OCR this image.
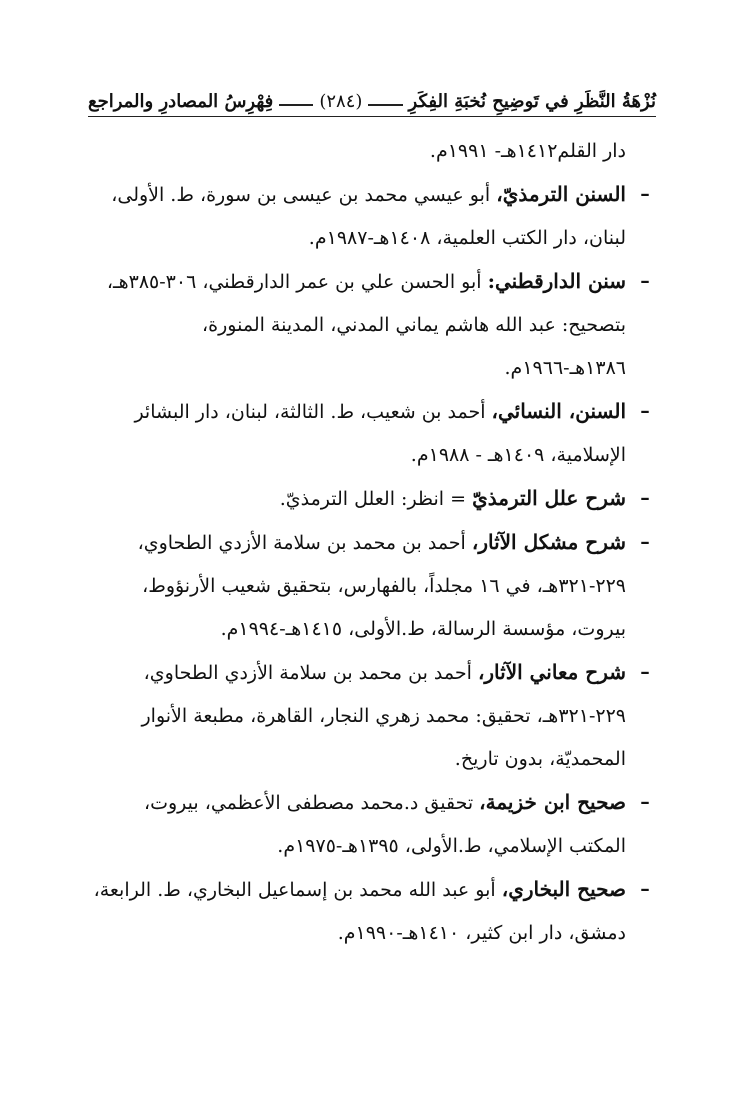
نُزْهَةُ النَّظَرِ في تَوضِيحِ نُخبَةِ الفِكَرِ
(٢٨٤)
فِهْرِسُ المصادرِ والمراجع
دار القلم١٤١٢هـ- ١٩٩١م.
–
السنن الترمذيّ، أبو عيسي محمد بن عيسى بن سورة، ط. الأولى، لبنان، دار الكتب العلمية، ١٤٠٨هـ-١٩٨٧م.
–
سنن الدارقطني: أبو الحسن علي بن عمر الدارقطني، ٣٠٦-٣٨٥هـ، بتصحيح: عبد الله هاشم يماني المدني، المدينة المنورة، ١٣٨٦هـ-١٩٦٦م.
–
السنن، النسائي، أحمد بن شعيب، ط. الثالثة، لبنان، دار البشائر الإسلامية، ١٤٠٩هـ - ١٩٨٨م.
–
شرح علل الترمذيّ = انظر: العلل الترمذيّ.
–
شرح مشكل الآثار، أحمد بن محمد بن سلامة الأزدي الطحاوي، ٢٢٩-٣٢١هـ، في ١٦ مجلداً، بالفهارس، بتحقيق شعيب الأرنؤوط، بيروت، مؤسسة الرسالة، ط.الأولى، ١٤١٥هـ-١٩٩٤م.
–
شرح معاني الآثار، أحمد بن محمد بن سلامة الأزدي الطحاوي، ٢٢٩-٣٢١هـ، تحقيق: محمد زهري النجار، القاهرة، مطبعة الأنوار المحمديّة، بدون تاريخ.
–
صحيح ابن خزيمة، تحقيق د.محمد مصطفى الأعظمي، بيروت، المكتب الإسلامي، ط.الأولى، ١٣٩٥هـ-١٩٧٥م.
–
صحيح البخاري، أبو عبد الله محمد بن إسماعيل البخاري، ط. الرابعة، دمشق، دار ابن كثير، ١٤١٠هـ-١٩٩٠م.
